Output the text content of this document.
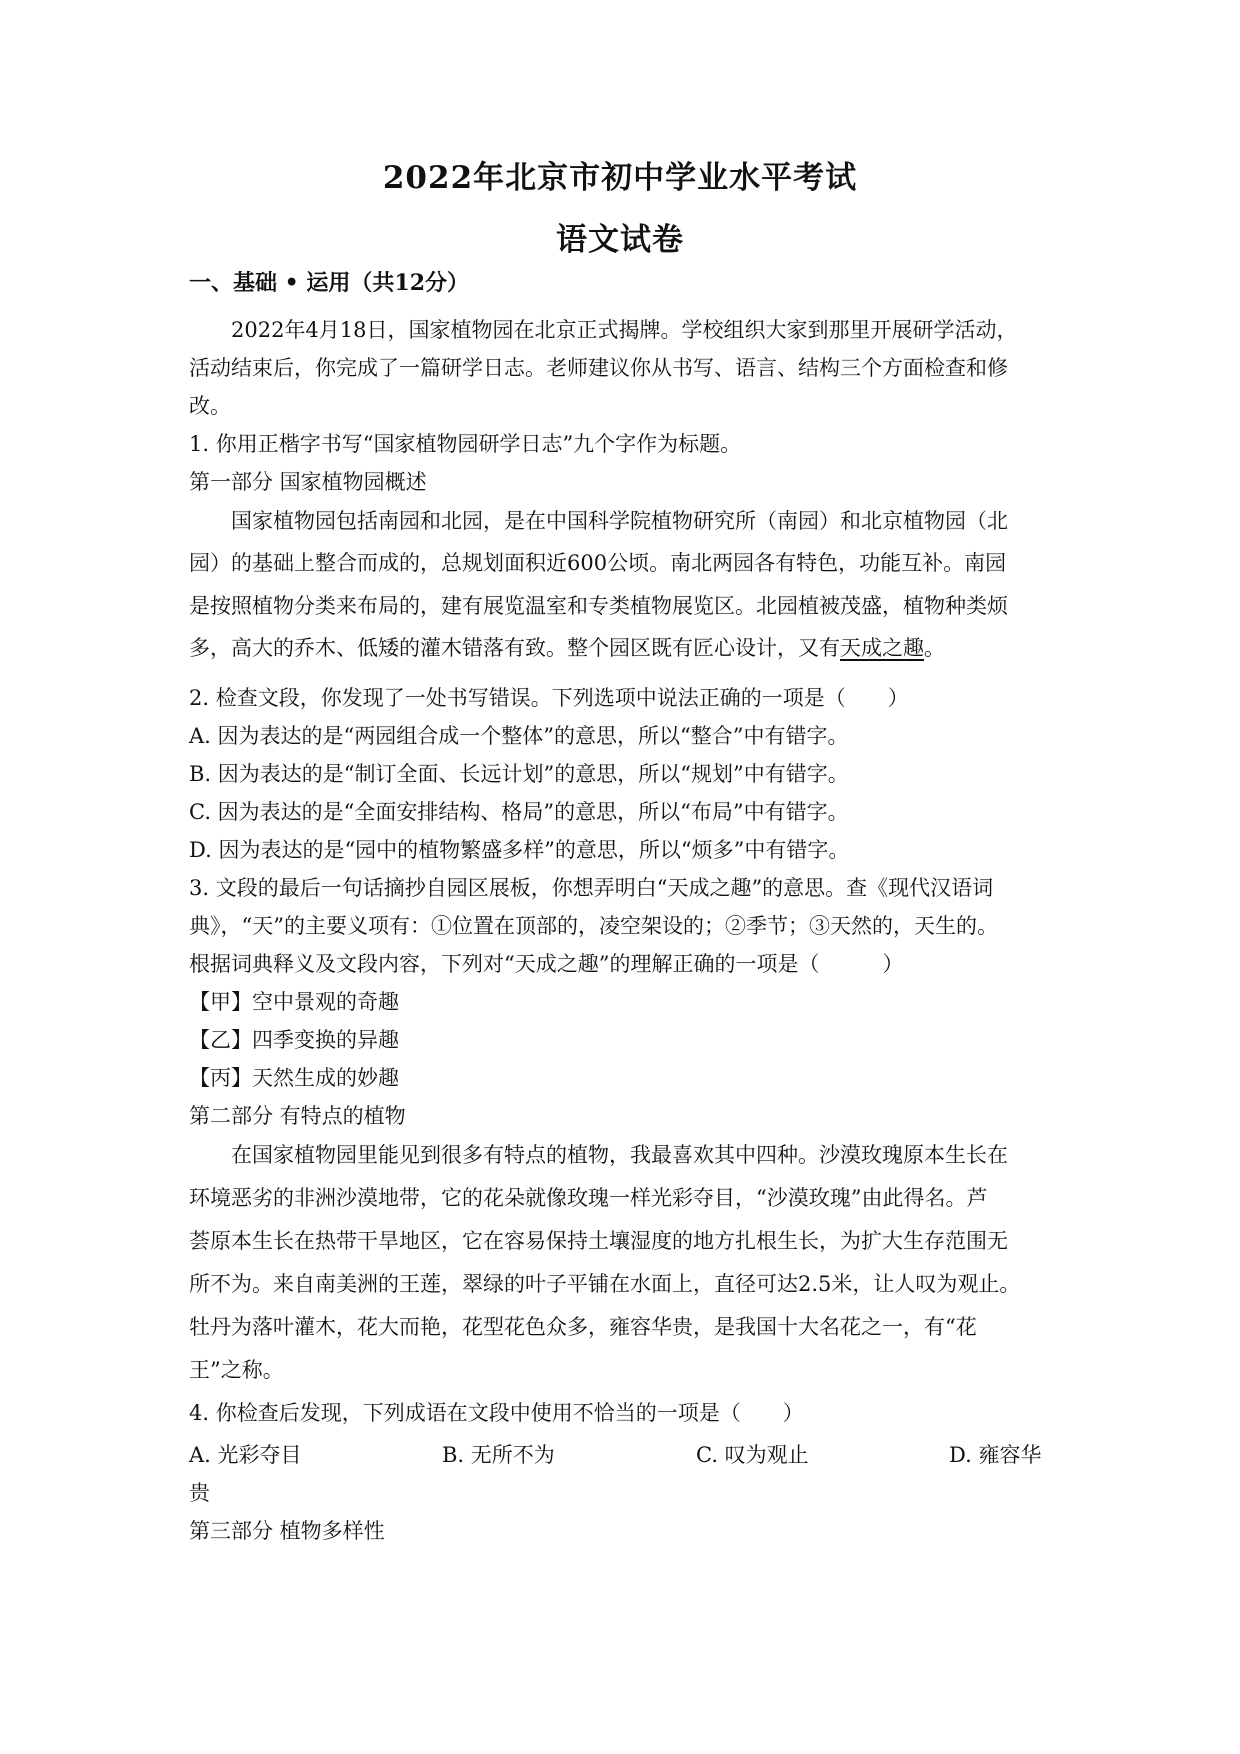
2022年北京市初中学业水平考试
语文试卷
一、基础 • 运用（共12分）
2022年4月18日，国家植物园在北京正式揭牌。学校组织大家到那里开展研学活动，
活动结束后，你完成了一篇研学日志。老师建议你从书写、语言、结构三个方面检查和修
改。
1. 你用正楷字书写“国家植物园研学日志”九个字作为标题。
第一部分 国家植物园概述
国家植物园包括南园和北园，是在中国科学院植物研究所（南园）和北京植物园（北
园）的基础上整合而成的，总规划面积近600公顷。南北两园各有特色，功能互补。南园
是按照植物分类来布局的，建有展览温室和专类植物展览区。北园植被茂盛，植物种类烦
多，高大的乔木、低矮的灌木错落有致。整个园区既有匠心设计，又有天成之趣。
2. 检查文段，你发现了一处书写错误。下列选项中说法正确的一项是（　　）
A. 因为表达的是“两园组合成一个整体”的意思，所以“整合”中有错字。
B. 因为表达的是“制订全面、长远计划”的意思，所以“规划”中有错字。
C. 因为表达的是“全面安排结构、格局”的意思，所以“布局”中有错字。
D. 因为表达的是“园中的植物繁盛多样”的意思，所以“烦多”中有错字。
3. 文段的最后一句话摘抄自园区展板，你想弄明白“天成之趣”的意思。查《现代汉语词
典》，“天”的主要义项有：①位置在顶部的，凌空架设的；②季节；③天然的，天生的。
根据词典释义及文段内容，下列对“天成之趣”的理解正确的一项是（　　　）
【甲】空中景观的奇趣
【乙】四季变换的异趣
【丙】天然生成的妙趣
第二部分 有特点的植物
在国家植物园里能见到很多有特点的植物，我最喜欢其中四种。沙漠玫瑰原本生长在
环境恶劣的非洲沙漠地带，它的花朵就像玫瑰一样光彩夺目，“沙漠玫瑰”由此得名。芦
荟原本生长在热带干旱地区，它在容易保持土壤湿度的地方扎根生长，为扩大生存范围无
所不为。来自南美洲的王莲，翠绿的叶子平铺在水面上，直径可达2.5米，让人叹为观止。
牡丹为落叶灌木，花大而艳，花型花色众多，雍容华贵，是我国十大名花之一，有“花
王”之称。
4. 你检查后发现，下列成语在文段中使用不恰当的一项是（　　）
A. 光彩夺目	B. 无所不为	C. 叹为观止	D. 雍容华
贵
第三部分 植物多样性
